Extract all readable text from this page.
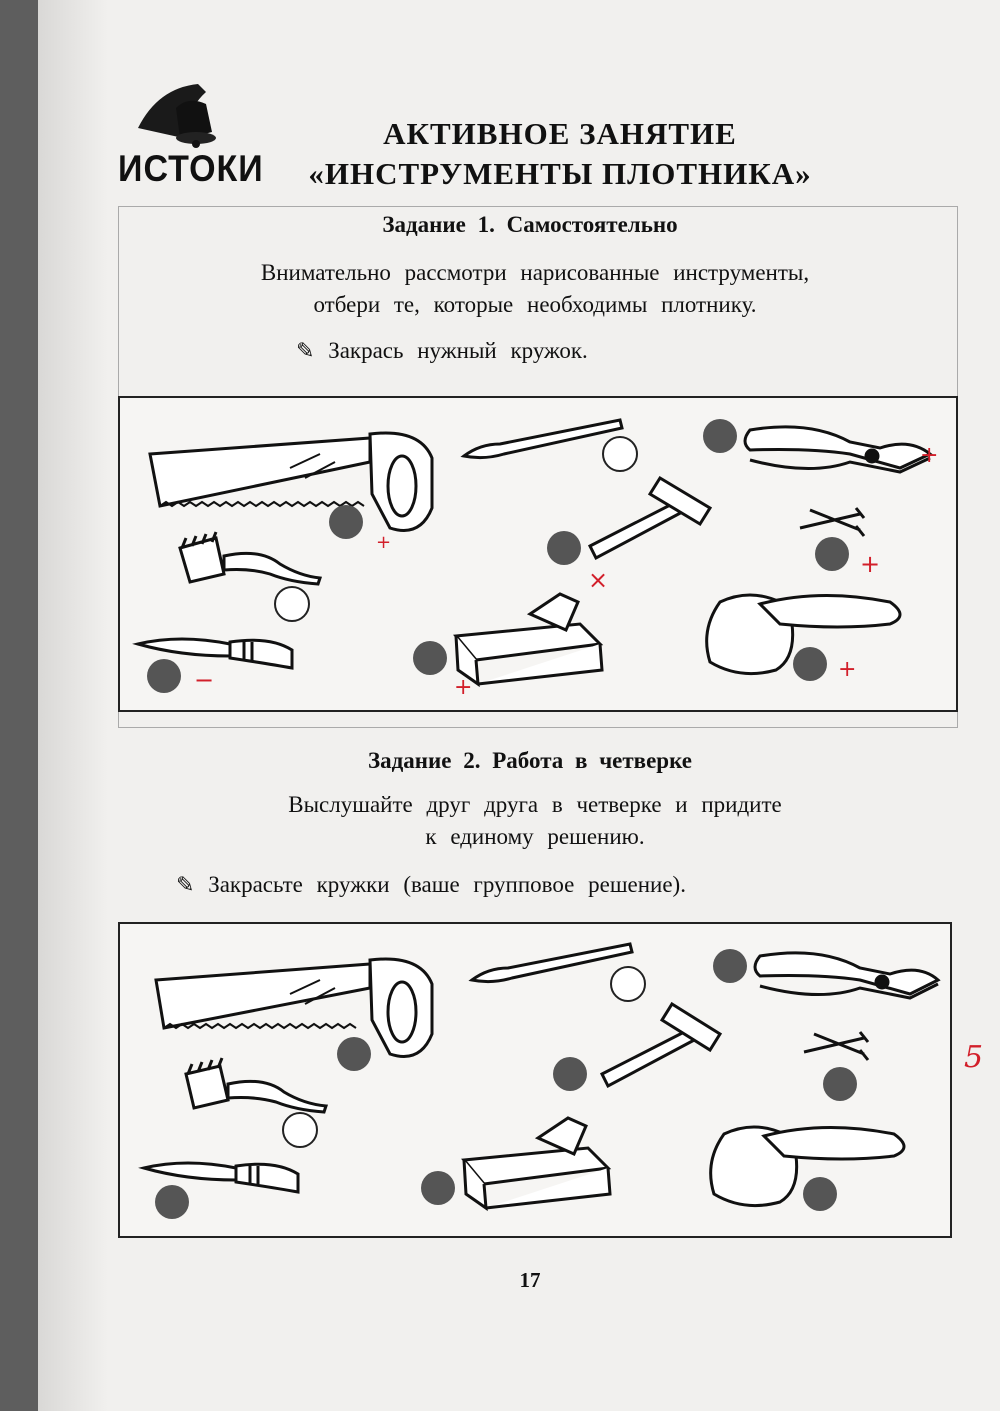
ИСТОКИ
АКТИВНОЕ ЗАНЯТИЕ
«ИНСТРУМЕНТЫ ПЛОТНИКА»
Задание 1. Самостоятельно
Внимательно рассмотри нарисованные инструменты,
отбери те, которые необходимы плотнику.
✎ Закрась нужный кружок.
+
+
×
+
−	+
+
Задание 2. Работа в четверке
Выслушайте друг друга в четверке и придите
к единому решению.
✎ Закрасьте кружки (ваше групповое решение).
5
17
